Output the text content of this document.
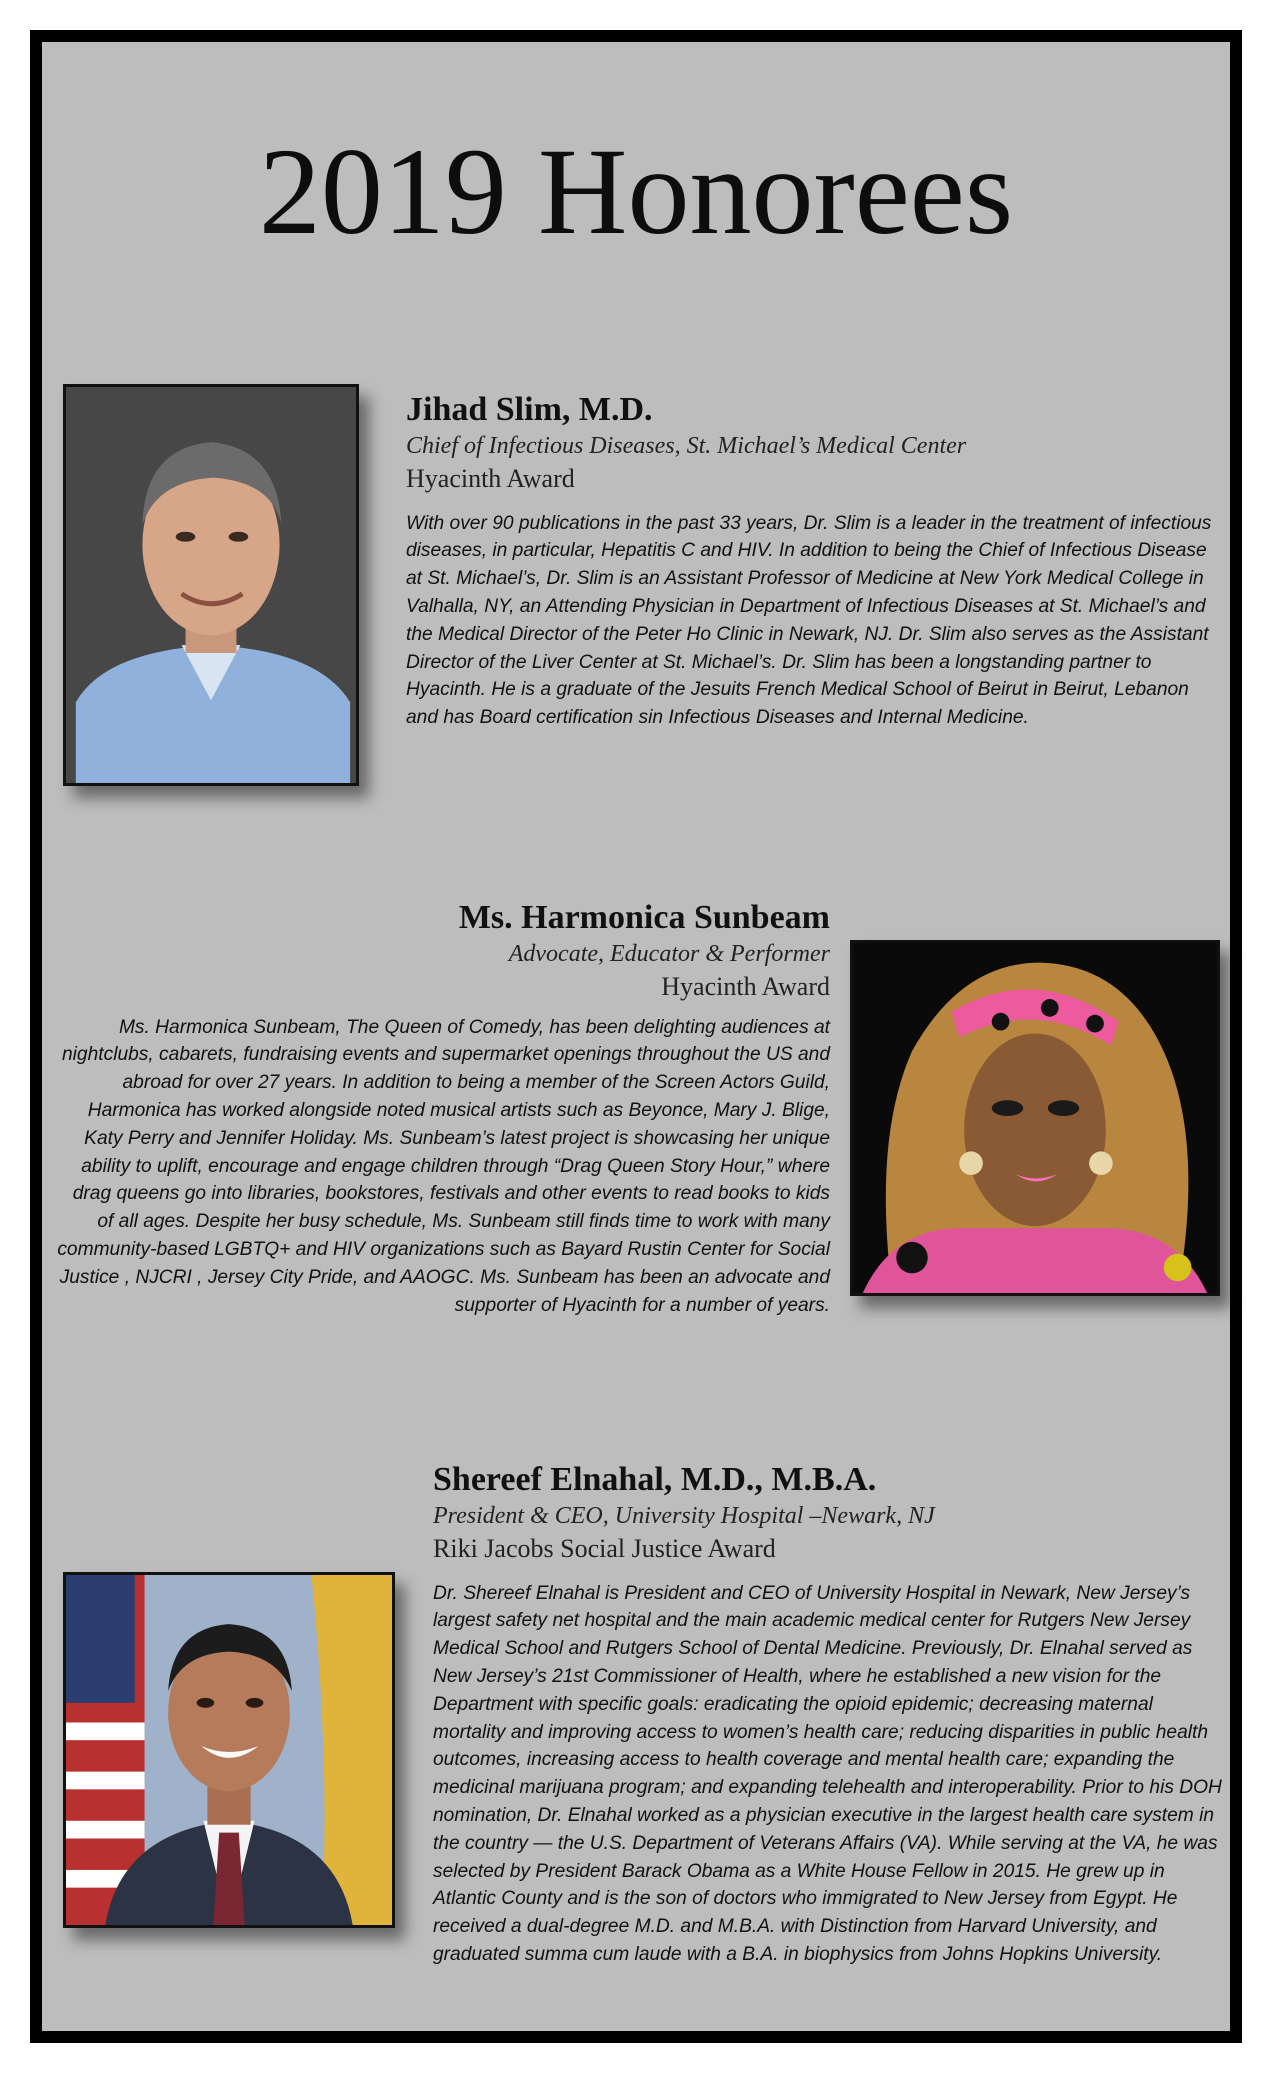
2019 Honorees

Jihad Slim, M.D.

Chief of Infectious Diseases, St. Michael’s Medical Center

Hyacinth Award

With over 90 publications in the past 33 years, Dr. Slim is a leader in the treatment of infectious diseases, in particular, Hepatitis C and HIV. In addition to being the Chief of Infectious Disease at St. Michael’s, Dr. Slim is an Assistant Professor of Medicine at New York Medical College in Valhalla, NY, an Attending Physician in Department of Infectious Diseases at St. Michael’s and the Medical Director of the Peter Ho Clinic in Newark, NJ. Dr. Slim also serves as the Assistant Director of the Liver Center at St. Michael’s. Dr. Slim has been a longstanding partner to Hyacinth. He is a graduate of the Jesuits French Medical School of Beirut in Beirut, Lebanon and has Board certification sin Infectious Diseases and Internal Medicine.

Ms. Harmonica Sunbeam

Advocate, Educator & Performer

Hyacinth Award

Ms. Harmonica Sunbeam, The Queen of Comedy, has been delighting audiences at nightclubs, cabarets, fundraising events and supermarket openings throughout the US and abroad for over 27 years. In addition to being a member of the Screen Actors Guild, Harmonica has worked alongside noted musical artists such as Beyonce, Mary J. Blige, Katy Perry and Jennifer Holiday. Ms. Sunbeam’s latest project is showcasing her unique ability to uplift, encourage and engage children through “Drag Queen Story Hour,” where drag queens go into libraries, bookstores, festivals and other events to read books to kids of all ages. Despite her busy schedule, Ms. Sunbeam still finds time to work with many community-based LGBTQ+ and HIV organizations such as Bayard Rustin Center for Social Justice , NJCRI , Jersey City Pride, and AAOGC. Ms. Sunbeam has been an advocate and supporter of Hyacinth for a number of years.

Shereef Elnahal, M.D., M.B.A.

President & CEO, University Hospital –Newark, NJ

Riki Jacobs Social Justice Award

Dr. Shereef Elnahal is President and CEO of University Hospital in Newark, New Jersey’s largest safety net hospital and the main academic medical center for Rutgers New Jersey Medical School and Rutgers School of Dental Medicine. Previously, Dr. Elnahal served as New Jersey’s 21st Commissioner of Health, where he established a new vision for the Department with specific goals: eradicating the opioid epidemic; decreasing maternal mortality and improving access to women’s health care; reducing disparities in public health outcomes, increasing access to health coverage and mental health care; expanding the medicinal marijuana program; and expanding telehealth and interoperability. Prior to his DOH nomination, Dr. Elnahal worked as a physician executive in the largest health care system in the country — the U.S. Department of Veterans Affairs (VA). While serving at the VA, he was selected by President Barack Obama as a White House Fellow in 2015. He grew up in Atlantic County and is the son of doctors who immigrated to New Jersey from Egypt. He received a dual-degree M.D. and M.B.A. with Distinction from Harvard University, and graduated summa cum laude with a B.A. in biophysics from Johns Hopkins University.
